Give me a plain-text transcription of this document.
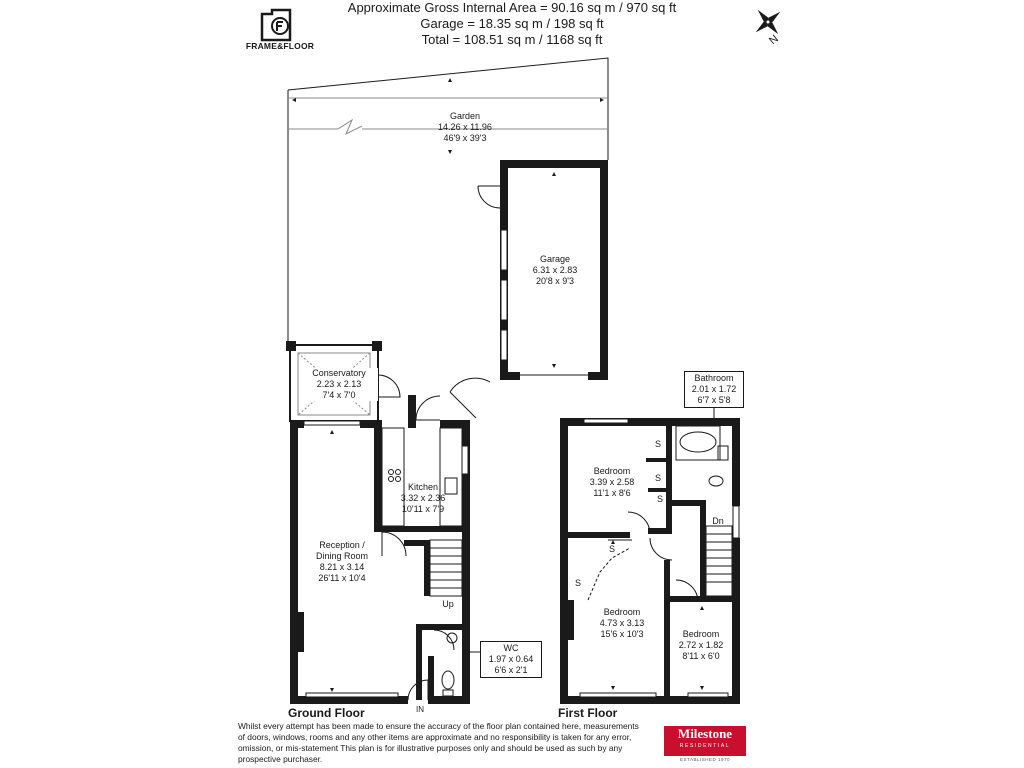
Approximate Gross Internal Area = 90.16 sq m / 970 sq ft
Garage = 18.35 sq m / 198 sq ft
Total = 108.51 sq m / 1168 sq ft
FRAME&FLOOR	N
Garden
14.26 x 11.96
46'9 x 39'3
Garage
6.31 x 2.83
20'8 x 9'3
Conservatory
2.23 x 2.13
7'4 x 7'0
Kitchen
3.32 x 2.36
10'11 x 7'9
Reception /
Dining Room
8.21 x 3.14
26'11 x 10'4
WC
1.97 x 0.64
6'6 x 2'1
Bathroom
2.01 x 1.72
6'7 x 5'8
Bedroom
3.39 x 2.58
11'1 x 8'6
Bedroom
4.73 x 3.13
15'6 x 10'3	Bedroom
2.72 x 1.82
8'11 x 6'0
Up
Dn
IN
S
S
S
S
S
Ground Floor	First Floor
Whilst every attempt has been made to ensure the accuracy of the floor plan contained here, measurements of doors, windows, rooms and any other items are approximate and no responsibility is taken for any error, omission, or mis-statement This plan is for illustrative purposes only and should be used as such by any prospective purchaser.
Milestone
RESIDENTIAL
ESTABLISHED 1970
